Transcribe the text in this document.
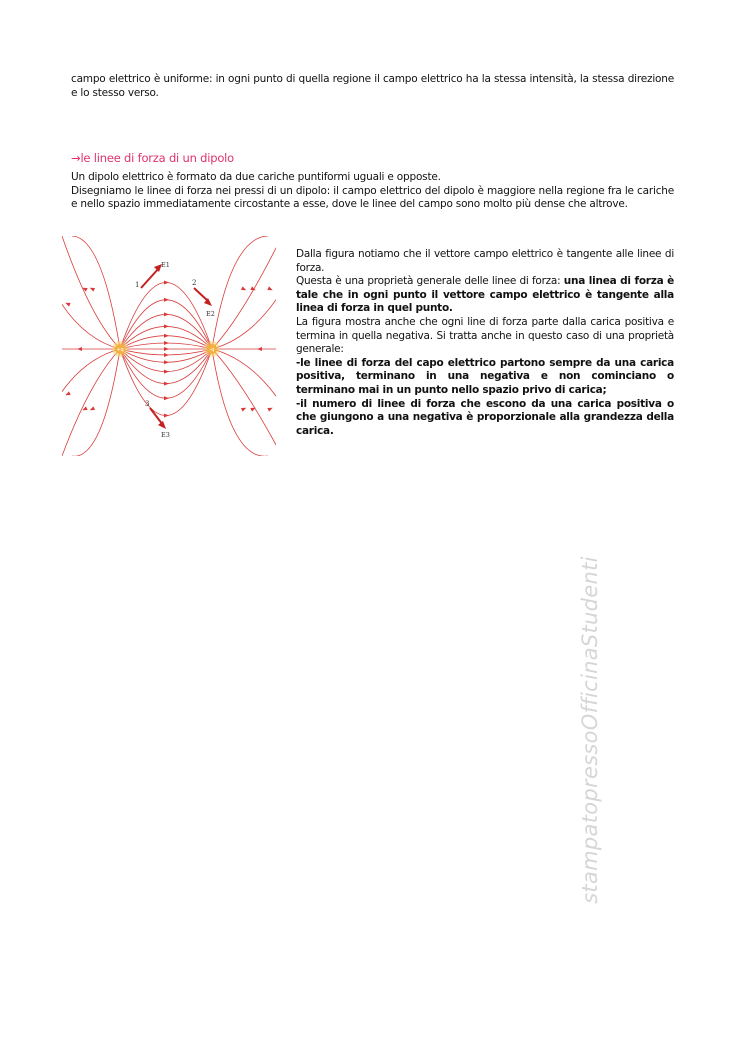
campo elettrico è uniforme: in ogni punto di quella regione il campo elettrico ha la stessa intensità, la stessa direzione e lo stesso verso.
→le linee di forza di un dipolo
Un dipolo elettrico è formato da due cariche puntiformi uguali e opposte.
Disegniamo le linee di forza nei pressi di un dipolo: il campo elettrico del dipolo è maggiore nella regione fra le cariche e nello spazio immediatamente circostante a esse, dove le linee del campo sono molto più dense che altrove.
1	2
3
E1
E2
E3
+q	-q
Dalla figura notiamo che il vettore campo elettrico è tangente alle linee di forza.
Questa è una proprietà generale delle linee di forza: una linea di forza è tale che in ogni punto il vettore campo elettrico è tangente alla linea di forza in quel punto.
La figura mostra anche che ogni line di forza parte dalla carica positiva e termina in quella negativa. Si tratta anche in questo caso di una proprietà generale:
-le linee di forza del capo elettrico partono sempre da una carica positiva, terminano in una negativa e non cominciano o terminano mai in un punto nello spazio privo di carica;
-il numero di linee di forza che escono da una carica positiva o che giungono a una negativa è proporzionale alla grandezza della carica.
stampatopressoOfficinaStudenti
